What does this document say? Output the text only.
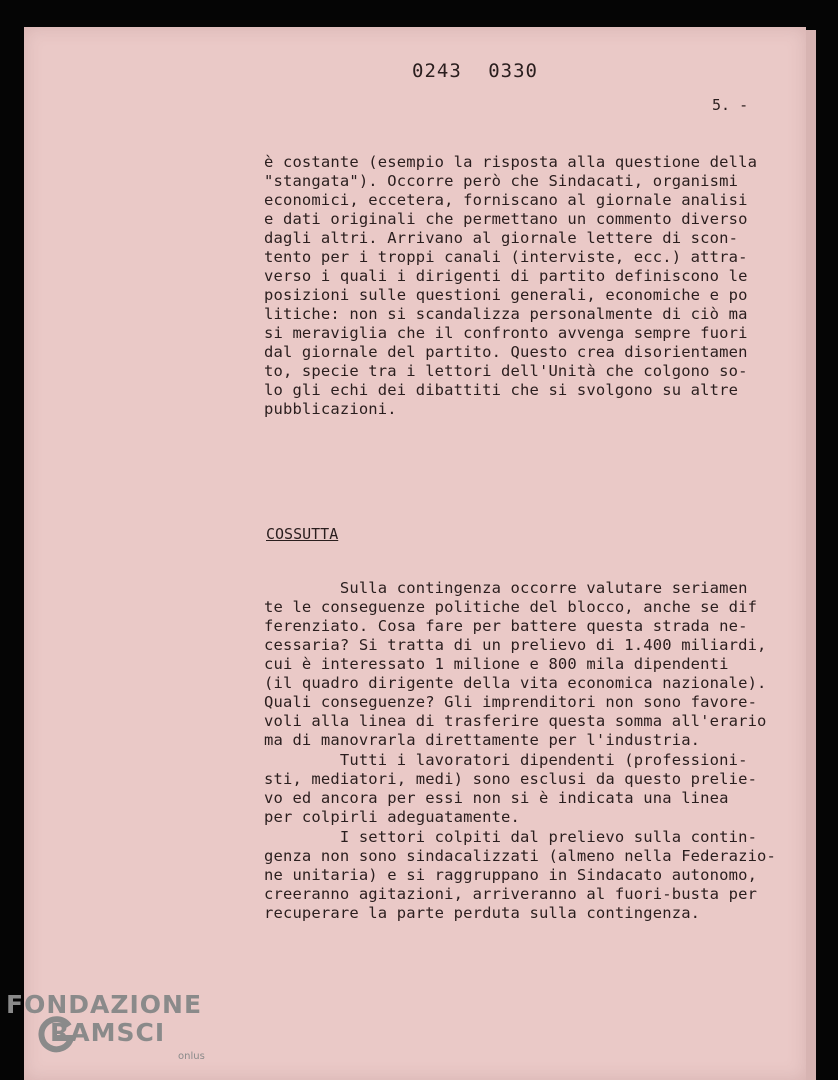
0243 0330
5. -
è costante (esempio la risposta alla questione della
"stangata"). Occorre però che Sindacati, organismi
economici, eccetera, forniscano al giornale analisi
e dati originali che permettano un commento diverso
dagli altri. Arrivano al giornale lettere di scon-
tento per i troppi canali (interviste, ecc.) attra-
verso i quali i dirigenti di partito definiscono le
posizioni sulle questioni generali, economiche e po
litiche: non si scandalizza personalmente di ciò ma
si meraviglia che il confronto avvenga sempre fuori
dal giornale del partito. Questo crea disorientamen
to, specie tra i lettori dell'Unità che colgono so-
lo gli echi dei dibattiti che si svolgono su altre
pubblicazioni.
COSSUTTA
Sulla contingenza occorre valutare seriamen
te le conseguenze politiche del blocco, anche se dif
ferenziato. Cosa fare per battere questa strada ne-
cessaria? Si tratta di un prelievo di 1.400 miliardi,
cui è interessato 1 milione e 800 mila dipendenti
(il quadro dirigente della vita economica nazionale).
Quali conseguenze? Gli imprenditori non sono favore-
voli alla linea di trasferire questa somma all'erario
ma di manovrarla direttamente per l'industria.
Tutti i lavoratori dipendenti (professioni-
sti, mediatori, medi) sono esclusi da questo prelie-
vo ed ancora per essi non si è indicata una linea
per colpirli adeguatamente.
I settori colpiti dal prelievo sulla contin-
genza non sono sindacalizzati (almeno nella Federazio-
ne unitaria) e si raggruppano in Sindacato autonomo,
creeranno agitazioni, arriveranno al fuori-busta per
recuperare la parte perduta sulla contingenza.
FONDAZIONE
RAMSCI
onlus
